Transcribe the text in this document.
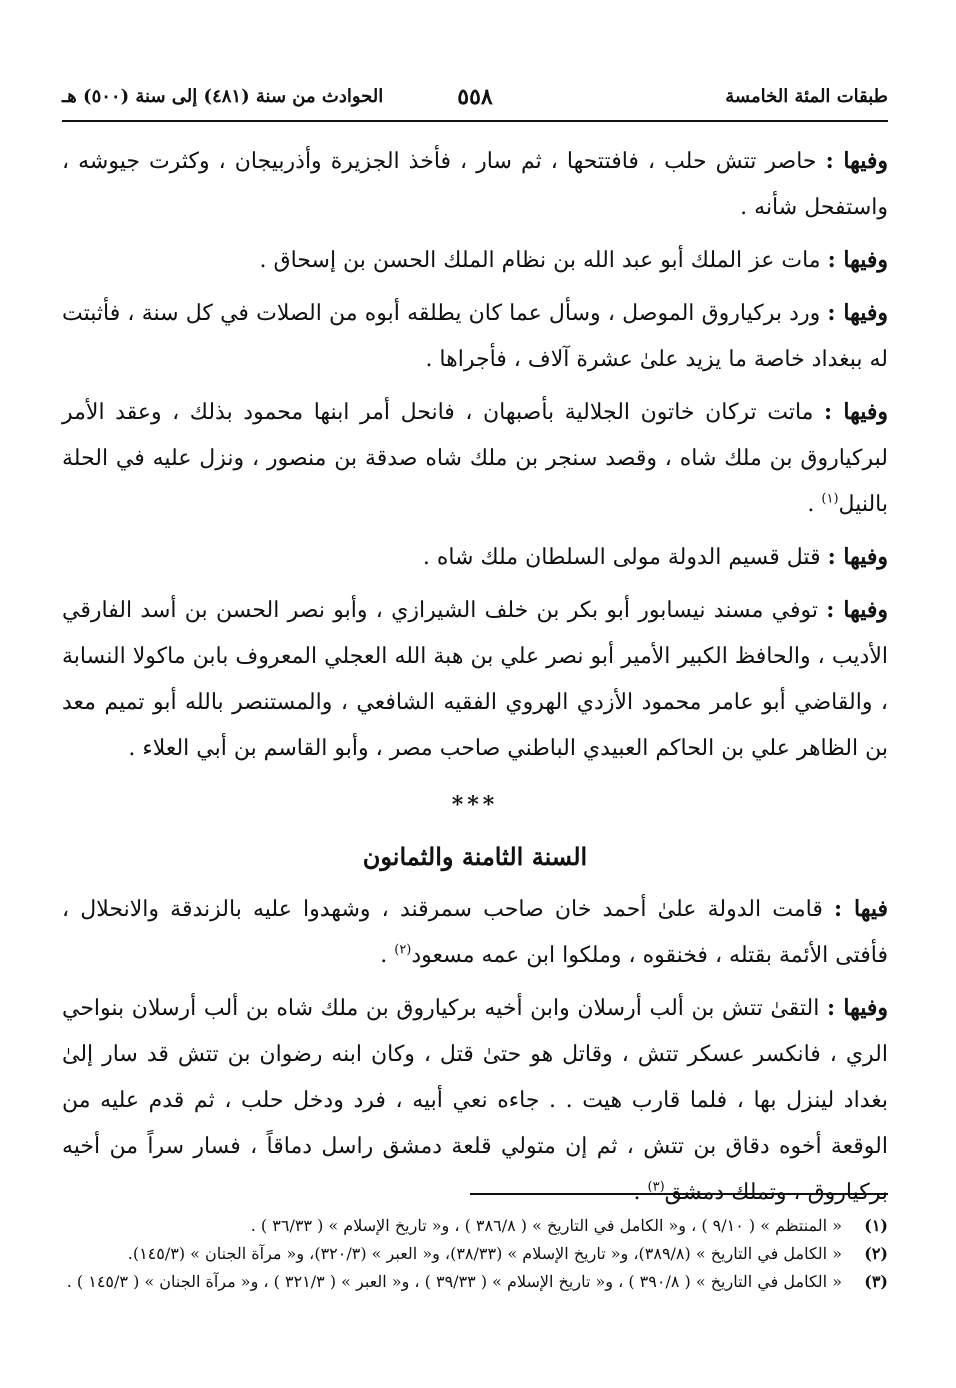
طبقات المئة الخامسة
٥٥٨
الحوادث من سنة (٤٨١) إلى سنة (٥٠٠) هـ

وفيها : حاصر تتش حلب ، فافتتحها ، ثم سار ، فأخذ الجزيرة وأذربيجان ، وكثرت جيوشه ، واستفحل شأنه .

وفيها : مات عز الملك أبو عبد الله بن نظام الملك الحسن بن إسحاق .

وفيها : ورد بركياروق الموصل ، وسأل عما كان يطلقه أبوه من الصلات في كل سنة ، فأثبتت له ببغداد خاصة ما يزيد علىٰ عشرة آلاف ، فأجراها .

وفيها : ماتت تركان خاتون الجلالية بأصبهان ، فانحل أمر ابنها محمود بذلك ، وعقد الأمر لبركياروق بن ملك شاه ، وقصد سنجر بن ملك شاه صدقة بن منصور ، ونزل عليه في الحلة بالنيل$^{(١)}$ .

وفيها : قتل قسيم الدولة مولى السلطان ملك شاه .

وفيها : توفي مسند نيسابور أبو بكر بن خلف الشيرازي ، وأبو نصر الحسن بن أسد الفارقي الأديب ، والحافظ الكبير الأمير أبو نصر علي بن هبة الله العجلي المعروف بابن ماكولا النسابة ، والقاضي أبو عامر محمود الأزدي الهروي الفقيه الشافعي ، والمستنصر بالله أبو تميم معد بن الظاهر علي بن الحاكم العبيدي الباطني صاحب مصر ، وأبو القاسم بن أبي العلاء .

***
السنة الثامنة والثمانون

فيها : قامت الدولة علىٰ أحمد خان صاحب سمرقند ، وشهدوا عليه بالزندقة والانحلال ، فأفتى الأئمة بقتله ، فخنقوه ، وملكوا ابن عمه مسعود$^{(٢)}$ .

وفيها : التقىٰ تتش بن ألب أرسلان وابن أخيه بركياروق بن ملك شاه بن ألب أرسلان بنواحي الري ، فانكسر عسكر تتش ، وقاتل هو حتىٰ قتل ، وكان ابنه رضوان بن تتش قد سار إلىٰ بغداد لينزل بها ، فلما قارب هيت . . جاءه نعي أبيه ، فرد ودخل حلب ، ثم قدم عليه من الوقعة أخوه دقاق بن تتش ، ثم إن متولي قلعة دمشق راسل دماقاً ، فسار سراً من أخيه بركياروق ، وتملك دمشق$^{(٣)}$ .

(١)
« المنتظم » ( ٩/١٠ ) ، و« الكامل في التاريخ » ( ٣٨٦/٨ ) ، و« تاريخ الإسلام » ( ٣٦/٣٣ ) .
(٢)
« الكامل في التاريخ » (٣٨٩/٨)، و« تاريخ الإسلام » (٣٨/٣٣)، و« العبر » (٣٢٠/٣)، و« مرآة الجنان » (١٤٥/٣).
(٣)
« الكامل في التاريخ » ( ٣٩٠/٨ ) ، و« تاريخ الإسلام » ( ٣٩/٣٣ ) ، و« العبر » ( ٣٢١/٣ ) ، و« مرآة الجنان » ( ١٤٥/٣ ) .
